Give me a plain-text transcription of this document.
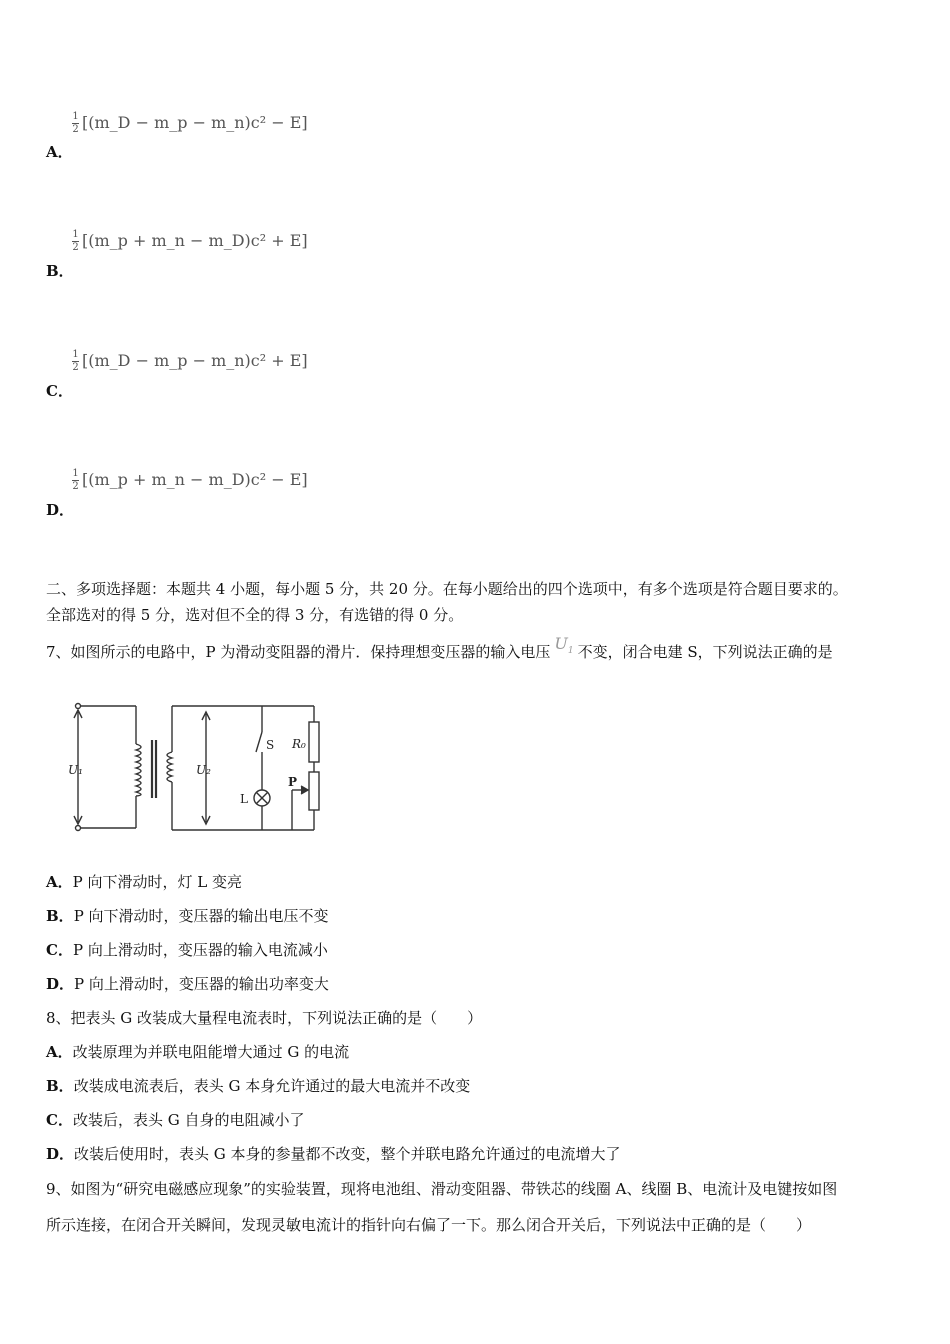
$\frac{1}{2}$ [(m_D − m_p − m_n)c² − E]
A．
$\frac{1}{2}$ [(m_p + m_n − m_D)c² + E]
B．
$\frac{1}{2}$ [(m_D − m_p − m_n)c² + E]
C．
$\frac{1}{2}$ [(m_p + m_n − m_D)c² − E]
D．
二、多项选择题：本题共 4 小题，每小题 5 分，共 20 分。在每小题给出的四个选项中，有多个选项是符合题目要求的。
全部选对的得 5 分，选对但不全的得 3 分，有选错的得 0 分。
7、如图所示的电路中，P 为滑动变阻器的滑片．保持理想变压器的输入电压 $U_1$ 不变，闭合电建 S，下列说法正确的是
U₁	U₂
S R₀
P
L
A．P 向下滑动时，灯 L 变亮
B．P 向下滑动时，变压器的输出电压不变
C．P 向上滑动时，变压器的输入电流减小
D．P 向上滑动时，变压器的输出功率变大
8、把表头 G 改装成大量程电流表时，下列说法正确的是（　　）
A．改装原理为并联电阻能增大通过 G 的电流
B．改装成电流表后，表头 G 本身允许通过的最大电流并不改变
C．改装后，表头 G 自身的电阻减小了
D．改装后使用时，表头 G 本身的参量都不改变，整个并联电路允许通过的电流增大了
9、如图为“研究电磁感应现象”的实验装置，现将电池组、滑动变阻器、带铁芯的线圈 A、线圈 B、电流计及电键按如图
所示连接，在闭合开关瞬间，发现灵敏电流计的指针向右偏了一下。那么闭合开关后，下列说法中正确的是（　　）
